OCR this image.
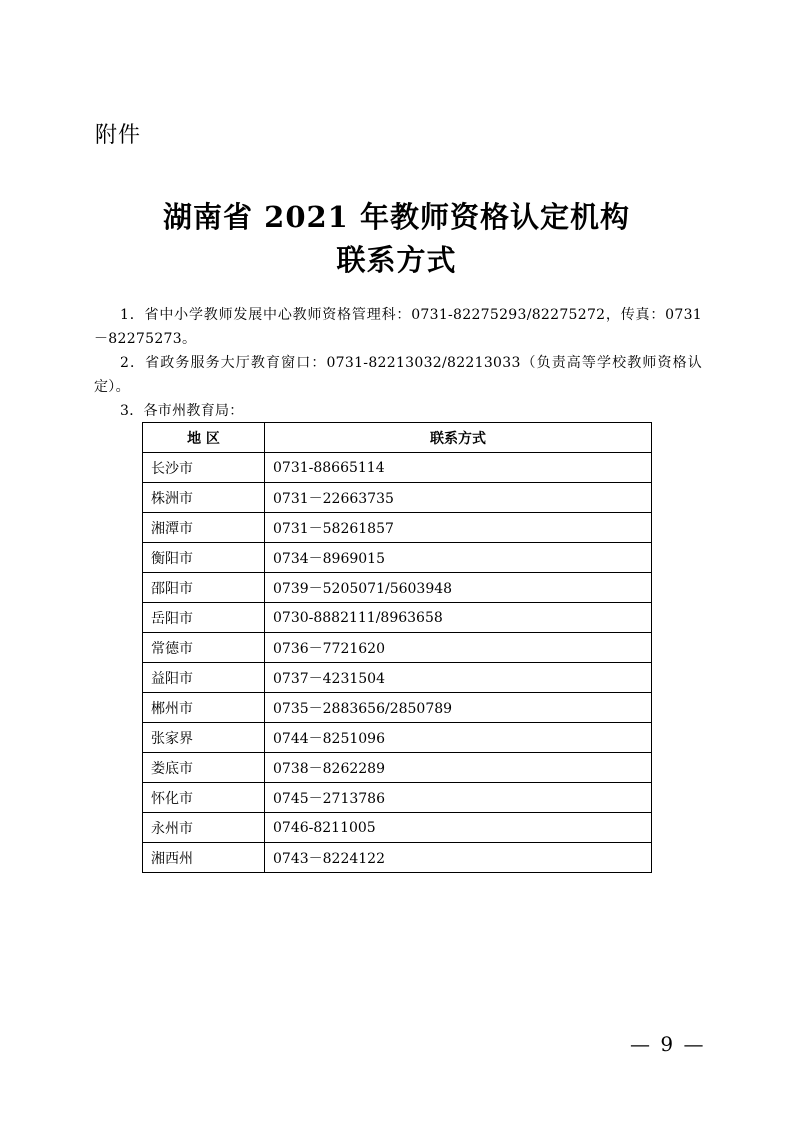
附件
湖南省 2021 年教师资格认定机构
联系方式
1．省中小学教师发展中心教师资格管理科：0731-82275293/82275272，传真：0731－82275273。
2．省政务服务大厅教育窗口：0731-82213032/82213033（负责高等学校教师资格认定）。
3．各市州教育局：
地 区	联系方式
长沙市	0731-88665114
株洲市	0731－22663735
湘潭市	0731－58261857
衡阳市	0734－8969015
邵阳市	0739－5205071/5603948
岳阳市	0730-8882111/8963658
常德市	0736－7721620
益阳市	0737－4231504
郴州市	0735－2883656/2850789
张家界	0744－8251096
娄底市	0738－8262289
怀化市	0745－2713786
永州市	0746-8211005
湘西州	0743－8224122
— 9 —
